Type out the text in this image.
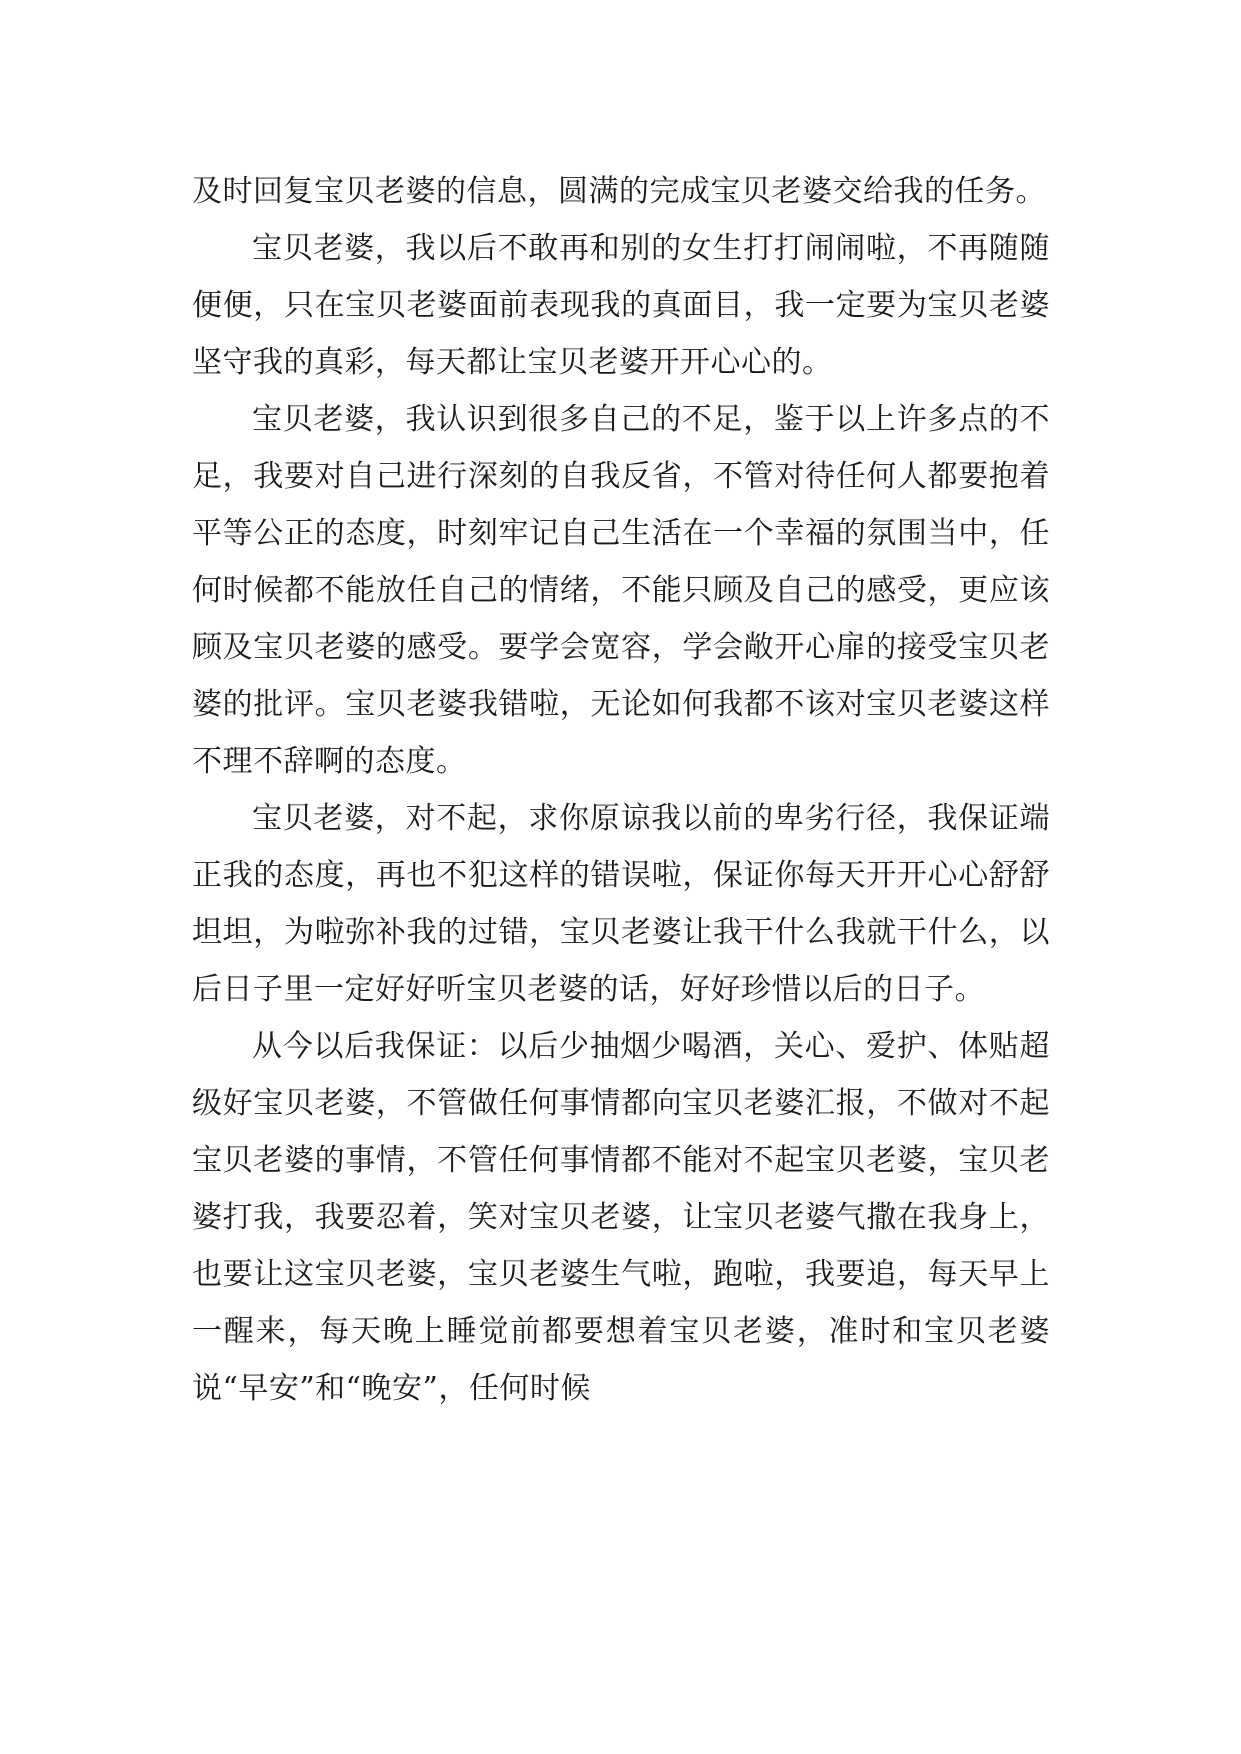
及时回复宝贝老婆的信息，圆满的完成宝贝老婆交给我的任务。

宝贝老婆，我以后不敢再和别的女生打打闹闹啦，不再随随便便，只在宝贝老婆面前表现我的真面目，我一定要为宝贝老婆坚守我的真彩，每天都让宝贝老婆开开心心的。

宝贝老婆，我认识到很多自己的不足，鉴于以上许多点的不足，我要对自己进行深刻的自我反省，不管对待任何人都要抱着平等公正的态度，时刻牢记自己生活在一个幸福的氛围当中，任何时候都不能放任自己的情绪，不能只顾及自己的感受，更应该顾及宝贝老婆的感受。要学会宽容，学会敞开心扉的接受宝贝老婆的批评。宝贝老婆我错啦，无论如何我都不该对宝贝老婆这样不理不辞啊的态度。

宝贝老婆，对不起，求你原谅我以前的卑劣行径，我保证端正我的态度，再也不犯这样的错误啦，保证你每天开开心心舒舒坦坦，为啦弥补我的过错，宝贝老婆让我干什么我就干什么，以后日子里一定好好听宝贝老婆的话，好好珍惜以后的日子。

从今以后我保证：以后少抽烟少喝酒，关心、爱护、体贴超级好宝贝老婆，不管做任何事情都向宝贝老婆汇报，不做对不起宝贝老婆的事情，不管任何事情都不能对不起宝贝老婆，宝贝老婆打我，我要忍着，笑对宝贝老婆，让宝贝老婆气撒在我身上，也要让这宝贝老婆，宝贝老婆生气啦，跑啦，我要追，每天早上一醒来，每天晚上睡觉前都要想着宝贝老婆，准时和宝贝老婆说“早安”和“晚安”，任何时候
